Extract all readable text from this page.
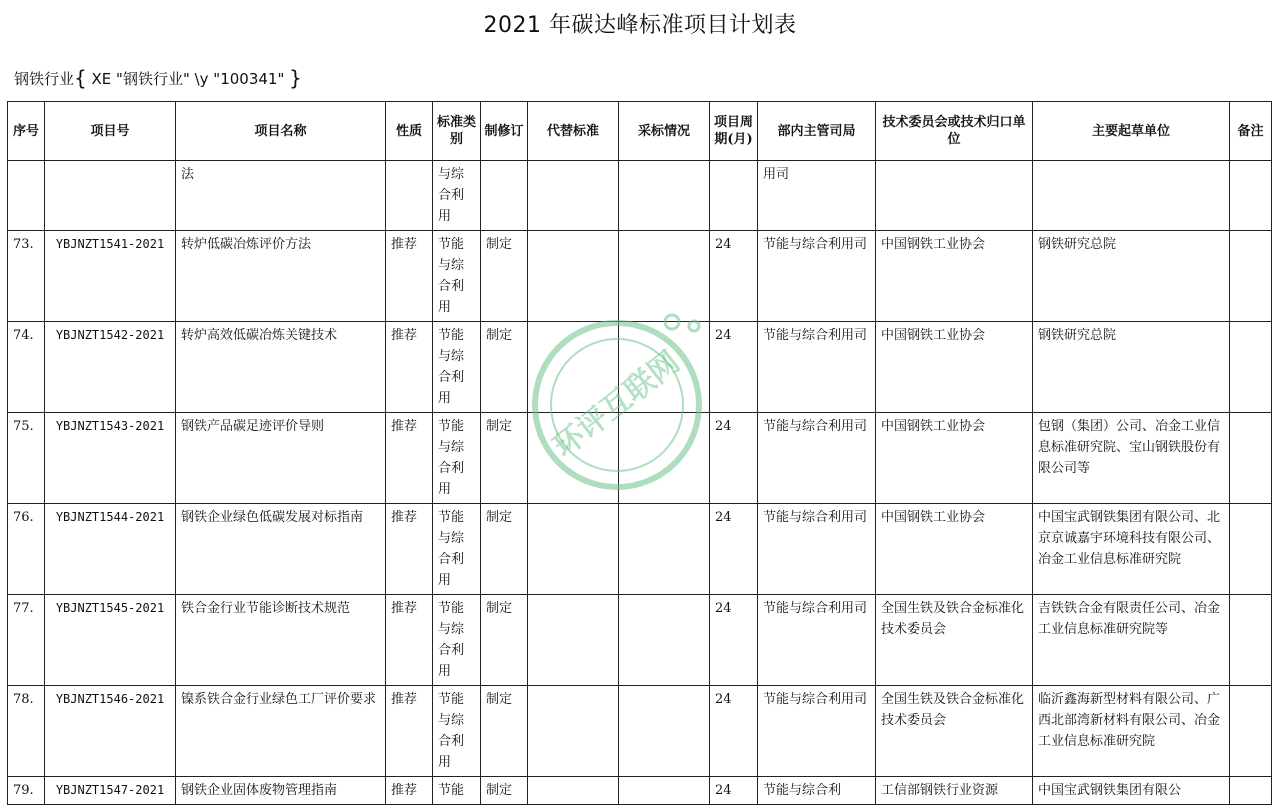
2021 年碳达峰标准项目计划表
钢铁行业{ XE "钢铁行业" \y "100341" }
序号	项目号	项目名称	性质	标准类别	制修订	代替标准	采标情况	项目周期(月)	部内主管司局	技术委员会或技术归口单位	主要起草单位	备注
		法		与综合利用					用司			
73.	YBJNZT1541-2021	转炉低碳冶炼评价方法	推荐	节能与综合利用	制定			24	节能与综合利用司	中国钢铁工业协会	钢铁研究总院	
74.	YBJNZT1542-2021	转炉高效低碳冶炼关键技术	推荐	节能与综合利用	制定			24	节能与综合利用司	中国钢铁工业协会	钢铁研究总院	
75.	YBJNZT1543-2021	钢铁产品碳足迹评价导则	推荐	节能与综合利用	制定			24	节能与综合利用司	中国钢铁工业协会	包钢（集团）公司、冶金工业信息标准研究院、宝山钢铁股份有限公司等	
76.	YBJNZT1544-2021	钢铁企业绿色低碳发展对标指南	推荐	节能与综合利用	制定			24	节能与综合利用司	中国钢铁工业协会	中国宝武钢铁集团有限公司、北京京诚嘉宇环境科技有限公司、冶金工业信息标准研究院	
77.	YBJNZT1545-2021	铁合金行业节能诊断技术规范	推荐	节能与综合利用	制定			24	节能与综合利用司	全国生铁及铁合金标准化技术委员会	吉铁铁合金有限责任公司、冶金工业信息标准研究院等	
78.	YBJNZT1546-2021	镍系铁合金行业绿色工厂评价要求	推荐	节能与综合利用	制定			24	节能与综合利用司	全国生铁及铁合金标准化技术委员会	临沂鑫海新型材料有限公司、广西北部湾新材料有限公司、冶金工业信息标准研究院	
79.	YBJNZT1547-2021	钢铁企业固体废物管理指南	推荐	节能	制定			24	节能与综合利	工信部钢铁行业资源	中国宝武钢铁集团有限公	
环评互联网
